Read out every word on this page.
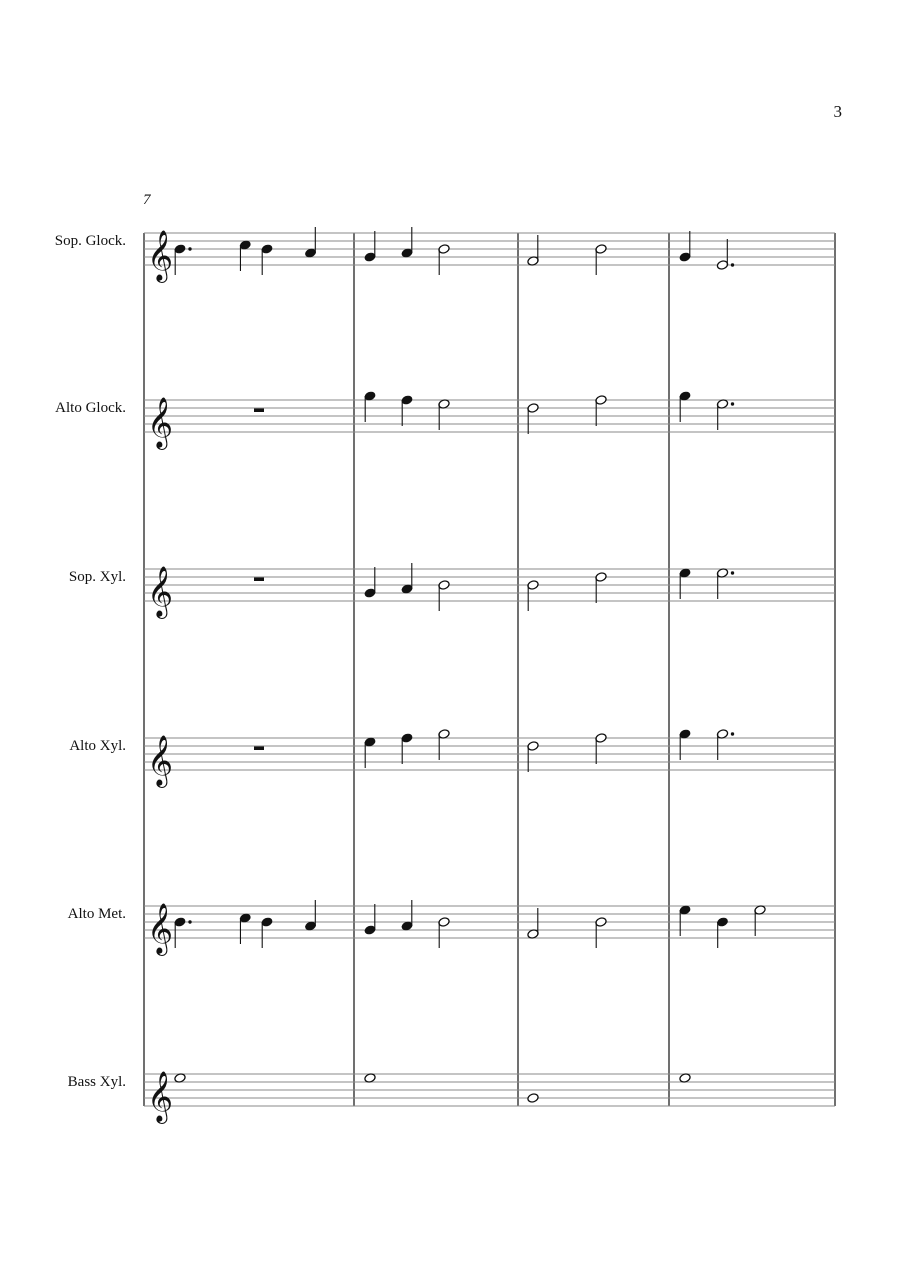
3
7
Sop. Glock.
Alto Glock.
Sop. Xyl.
Alto Xyl.
Alto Met.
Bass Xyl.
𝄞
𝄞
𝄞
𝄞
𝄞
𝄞
